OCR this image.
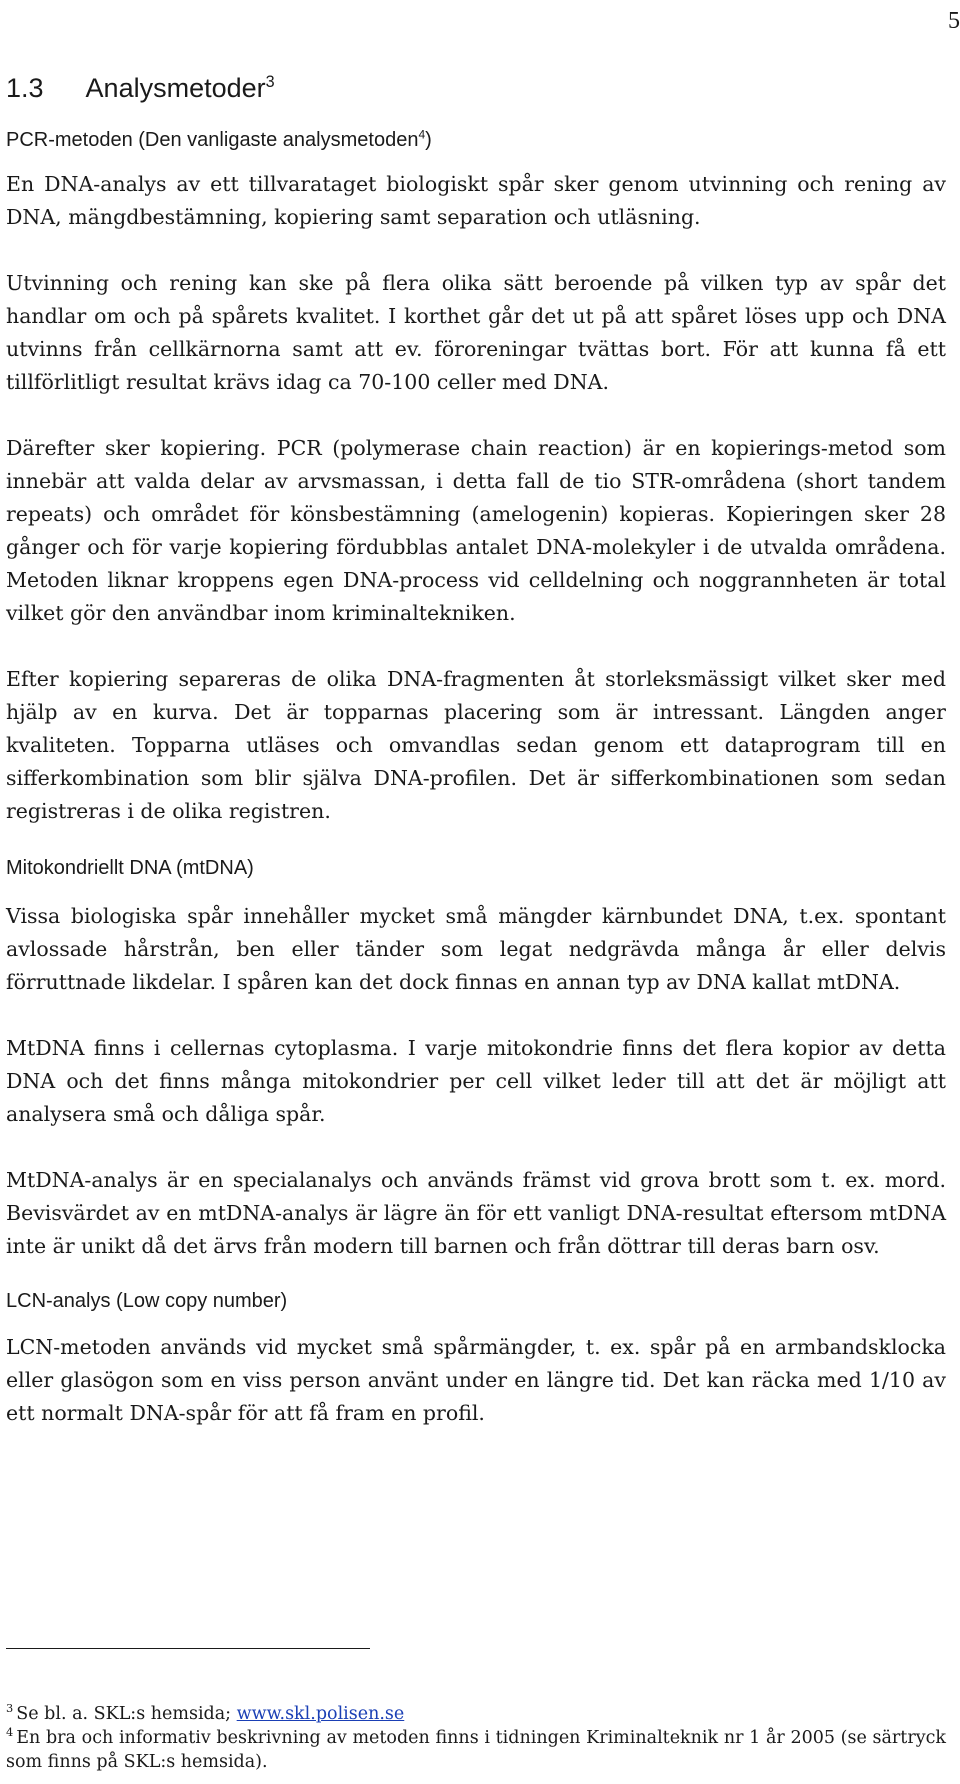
5
1.3 Analysmetoder$^3$
PCR-metoden (Den vanligaste analysmetoden$^4$)

En DNA-analys av ett tillvarataget biologiskt spår sker genom utvinning och rening av DNA, mängdbestämning, kopiering samt separation och utläsning.

Utvinning och rening kan ske på flera olika sätt beroende på vilken typ av spår det handlar om och på spårets kvalitet. I korthet går det ut på att spåret löses upp och DNA utvinns från cellkärnorna samt att ev. föroreningar tvättas bort. För att kunna få ett tillförlitligt resultat krävs idag ca 70-100 celler med DNA.

Därefter sker kopiering. PCR (polymerase chain reaction) är en kopierings-metod som innebär att valda delar av arvsmassan, i detta fall de tio STR-områdena (short tandem repeats) och området för könsbestämning (amelogenin) kopieras. Kopieringen sker 28 gånger och för varje kopiering fördubblas antalet DNA-molekyler i de utvalda områdena. Metoden liknar kroppens egen DNA-process vid celldelning och noggrannheten är total vilket gör den användbar inom kriminaltekniken.

Efter kopiering separeras de olika DNA-fragmenten åt storleksmässigt vilket sker med hjälp av en kurva. Det är topparnas placering som är intressant. Längden anger kvaliteten. Topparna utläses och omvandlas sedan genom ett dataprogram till en sifferkombination som blir själva DNA-profilen. Det är sifferkombinationen som sedan registreras i de olika registren.

Mitokondriellt DNA (mtDNA)

Vissa biologiska spår innehåller mycket små mängder kärnbundet DNA, t.ex. spontant avlossade hårstrån, ben eller tänder som legat nedgrävda många år eller delvis förruttnade likdelar. I spåren kan det dock finnas en annan typ av DNA kallat mtDNA.

MtDNA finns i cellernas cytoplasma. I varje mitokondrie finns det flera kopior av detta DNA och det finns många mitokondrier per cell vilket leder till att det är möjligt att analysera små och dåliga spår.

MtDNA-analys är en specialanalys och används främst vid grova brott som t. ex. mord. Bevisvärdet av en mtDNA-analys är lägre än för ett vanligt DNA-resultat eftersom mtDNA inte är unikt då det ärvs från modern till barnen och från döttrar till deras barn osv.

LCN-analys (Low copy number)

LCN-metoden används vid mycket små spårmängder, t. ex. spår på en armbandsklocka eller glasögon som en viss person använt under en längre tid. Det kan räcka med 1/10 av ett normalt DNA-spår för att få fram en profil.

$^3$ Se bl. a. SKL:s hemsida; www.skl.polisen.se

$^4$ En bra och informativ beskrivning av metoden finns i tidningen Kriminalteknik nr 1 år 2005 (se särtryck som finns på SKL:s hemsida).
